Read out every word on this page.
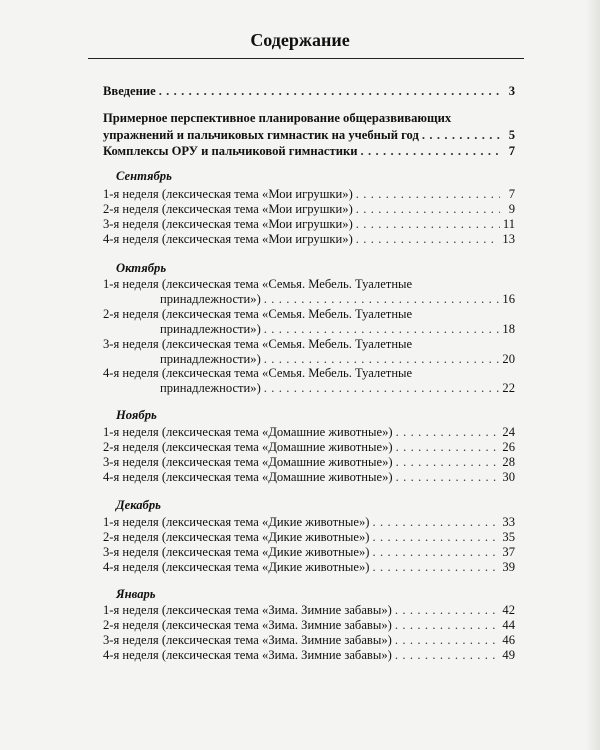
Содержание
Введение . . .	3
Примерное перспективное планирование общеразвивающих
упражнений и пальчиковых гимнастик на учебный год . . .	5
Комплексы ОРУ и пальчиковой гимнастики . . .	7
Сентябрь
1-я неделя (лексическая тема «Мои игрушки») . . .	7
2-я неделя (лексическая тема «Мои игрушки») . . .	9
3-я неделя (лексическая тема «Мои игрушки») . . .	11
4-я неделя (лексическая тема «Мои игрушки») . . .	13
Октябрь
1-я неделя (лексическая тема «Семья. Мебель. Туалетные
принадлежности») . . .	16
2-я неделя (лексическая тема «Семья. Мебель. Туалетные
принадлежности») . . .	18
3-я неделя (лексическая тема «Семья. Мебель. Туалетные
принадлежности») . . .	20
4-я неделя (лексическая тема «Семья. Мебель. Туалетные
принадлежности») . . .	22
Ноябрь
1-я неделя (лексическая тема «Домашние животные») . . .	24
2-я неделя (лексическая тема «Домашние животные») . . .	26
3-я неделя (лексическая тема «Домашние животные») . . .	28
4-я неделя (лексическая тема «Домашние животные») . . .	30
Декабрь
1-я неделя (лексическая тема «Дикие животные») . . .	33
2-я неделя (лексическая тема «Дикие животные») . . .	35
3-я неделя (лексическая тема «Дикие животные») . . .	37
4-я неделя (лексическая тема «Дикие животные») . . .	39
Январь
1-я неделя (лексическая тема «Зима. Зимние забавы») . . .	42
2-я неделя (лексическая тема «Зима. Зимние забавы») . . .	44
3-я неделя (лексическая тема «Зима. Зимние забавы») . . .	46
4-я неделя (лексическая тема «Зима. Зимние забавы») . . .	49
